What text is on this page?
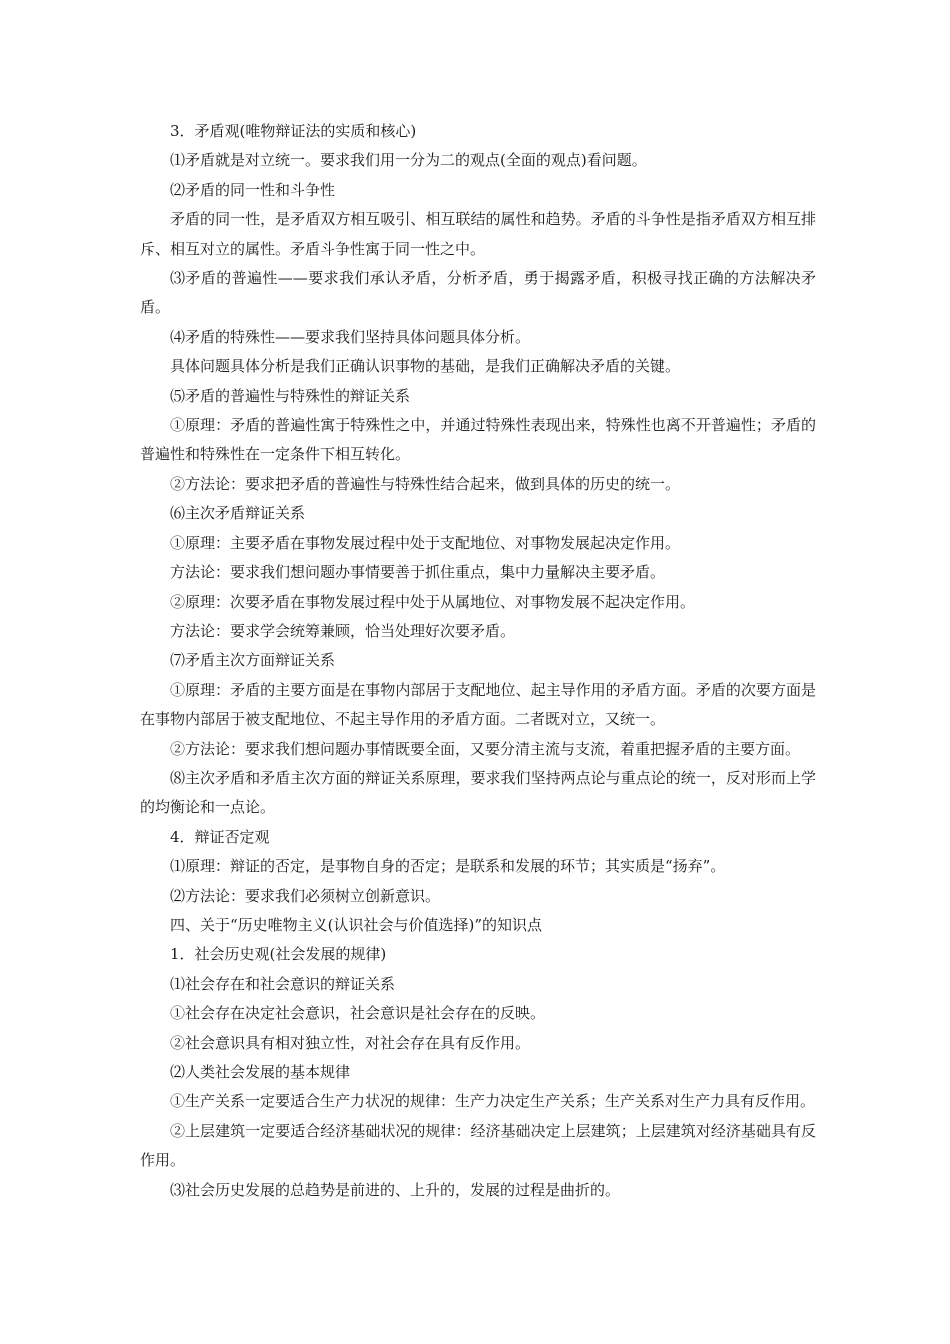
3．矛盾观(唯物辩证法的实质和核心)

⑴矛盾就是对立统一。要求我们用一分为二的观点(全面的观点)看问题。

⑵矛盾的同一性和斗争性

矛盾的同一性，是矛盾双方相互吸引、相互联结的属性和趋势。矛盾的斗争性是指矛盾双方相互排斥、相互对立的属性。矛盾斗争性寓于同一性之中。

⑶矛盾的普遍性——要求我们承认矛盾，分析矛盾，勇于揭露矛盾，积极寻找正确的方法解决矛盾。

⑷矛盾的特殊性——要求我们坚持具体问题具体分析。

具体问题具体分析是我们正确认识事物的基础，是我们正确解决矛盾的关键。

⑸矛盾的普遍性与特殊性的辩证关系

①原理：矛盾的普遍性寓于特殊性之中，并通过特殊性表现出来，特殊性也离不开普遍性；矛盾的普遍性和特殊性在一定条件下相互转化。

②方法论：要求把矛盾的普遍性与特殊性结合起来，做到具体的历史的统一。

⑹主次矛盾辩证关系

①原理：主要矛盾在事物发展过程中处于支配地位、对事物发展起决定作用。

方法论：要求我们想问题办事情要善于抓住重点，集中力量解决主要矛盾。

②原理：次要矛盾在事物发展过程中处于从属地位、对事物发展不起决定作用。

方法论：要求学会统筹兼顾，恰当处理好次要矛盾。

⑺矛盾主次方面辩证关系

①原理：矛盾的主要方面是在事物内部居于支配地位、起主导作用的矛盾方面。矛盾的次要方面是在事物内部居于被支配地位、不起主导作用的矛盾方面。二者既对立，又统一。

②方法论：要求我们想问题办事情既要全面，又要分清主流与支流，着重把握矛盾的主要方面。

⑻主次矛盾和矛盾主次方面的辩证关系原理，要求我们坚持两点论与重点论的统一，反对形而上学的均衡论和一点论。

4．辩证否定观

⑴原理：辩证的否定，是事物自身的否定；是联系和发展的环节；其实质是“扬弃”。

⑵方法论：要求我们必须树立创新意识。

四、关于“历史唯物主义(认识社会与价值选择)”的知识点

1．社会历史观(社会发展的规律)

⑴社会存在和社会意识的辩证关系

①社会存在决定社会意识，社会意识是社会存在的反映。

②社会意识具有相对独立性，对社会存在具有反作用。

⑵人类社会发展的基本规律

①生产关系一定要适合生产力状况的规律：生产力决定生产关系；生产关系对生产力具有反作用。

②上层建筑一定要适合经济基础状况的规律：经济基础决定上层建筑；上层建筑对经济基础具有反作用。

⑶社会历史发展的总趋势是前进的、上升的，发展的过程是曲折的。
